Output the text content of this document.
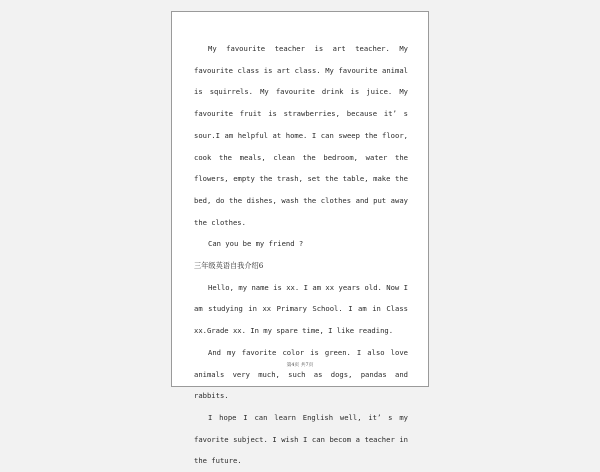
My favourite teacher is art teacher. My favourite class is art class. My favourite animal is squirrels. My favourite drink is juice. My favourite fruit is strawberries, because it’ s sour.I am helpful at home. I can sweep the floor, cook the meals, clean the bedroom, water the flowers, empty the trash, set the table, make the bed, do the dishes, wash the clothes and put away the clothes.

Can you be my friend ?

三年级英语自我介绍6

Hello, my name is xx. I am xx years old. Now I am studying in xx Primary School. I am in Class xx.Grade xx. In my spare time, I like reading.

And my favorite color is green. I also love animals very much, such as dogs, pandas and rabbits.

I hope I can learn English well, it’ s my favorite subject. I wish I can becom a teacher in the future.

第4页 共7页
